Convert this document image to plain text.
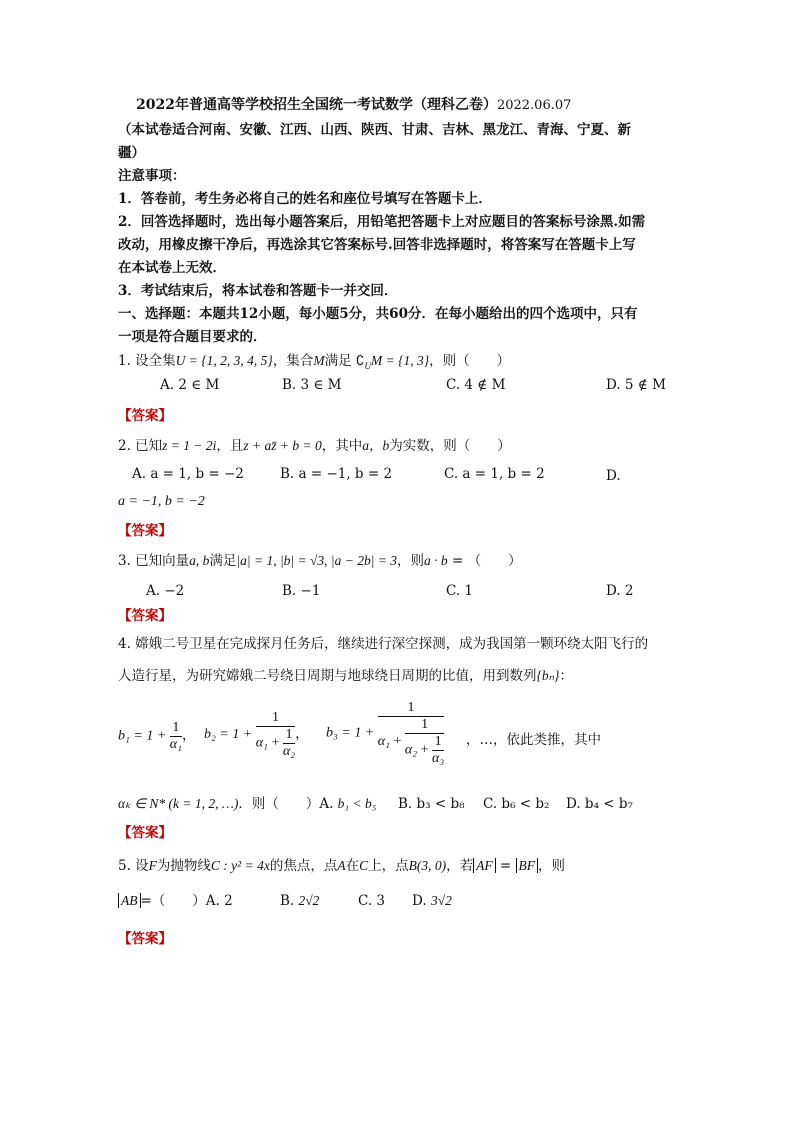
2022年普通高等学校招生全国统一考试数学（理科乙卷）2022.06.07
（本试卷适合河南、安徽、江西、山西、陕西、甘肃、吉林、黑龙江、青海、宁夏、新
疆）
注意事项：
1．答卷前，考生务必将自己的姓名和座位号填写在答题卡上．
2．回答选择题时，选出每小题答案后，用铅笔把答题卡上对应题目的答案标号涂黑.如需
改动，用橡皮擦干净后，再选涂其它答案标号.回答非选择题时，将答案写在答题卡上写
在本试卷上无效．
3．考试结束后，将本试卷和答题卡一并交回．
一、选择题：本题共12小题，每小题5分，共60分．在每小题给出的四个选项中，只有
一项是符合题目要求的．
1. 设全集U = {1, 2, 3, 4, 5}，集合M满足 $∁_UM = \{1$, 3}，则（　　）
A. 2 ∈ M	B. 3 ∈ M	C. 4 ∉ M	D. 5 ∉ M
【答案】
2. 已知z = 1 − 2i，且z + az̄ + b = 0，其中a，b为实数，则（　　）
A. a = 1, b = −2	B. a = −1, b = 2	C. a = 1, b = 2	D.
a = −1, b = −2
【答案】
3. 已知向量a, b满足|a| = 1, |b| = √3, |a − 2b| = 3，则a · b = （　　）
A. −2	B. −1	C. 1	D. 2
【答案】
4. 嫦娥二号卫星在完成探月任务后，继续进行深空探测，成为我国第一颗环绕太阳飞行的
人造行星，为研究嫦娥二号绕日周期与地球绕日周期的比值，用到数列{bₙ}：
$b_1 = 1 + \frac{1}{\text{α₁}}$ ， $b_2 = 1 + \frac{1}{\alpha_1 + \frac{1}{\text{α₂}}}$ ， b₃ = 1 +
1
α₁ +
1
$\alpha_2 + \frac{1}{\text{α₃}}$ ，…，依此类推，其中
αₖ ∈ N* (k = 1, 2, …)．则（　　）A. b₁ < b₅ B. b₃ < b₈ C. b₆ < b₂ D. b₄ < b₇
【答案】
5. 设F为抛物线C : y² = 4x的焦点，点A在C上，点B(3, 0)，若 AF = BF ，则
AB =（　　）A. 2	B. 2√2	C. 3 D. 3√2
【答案】
